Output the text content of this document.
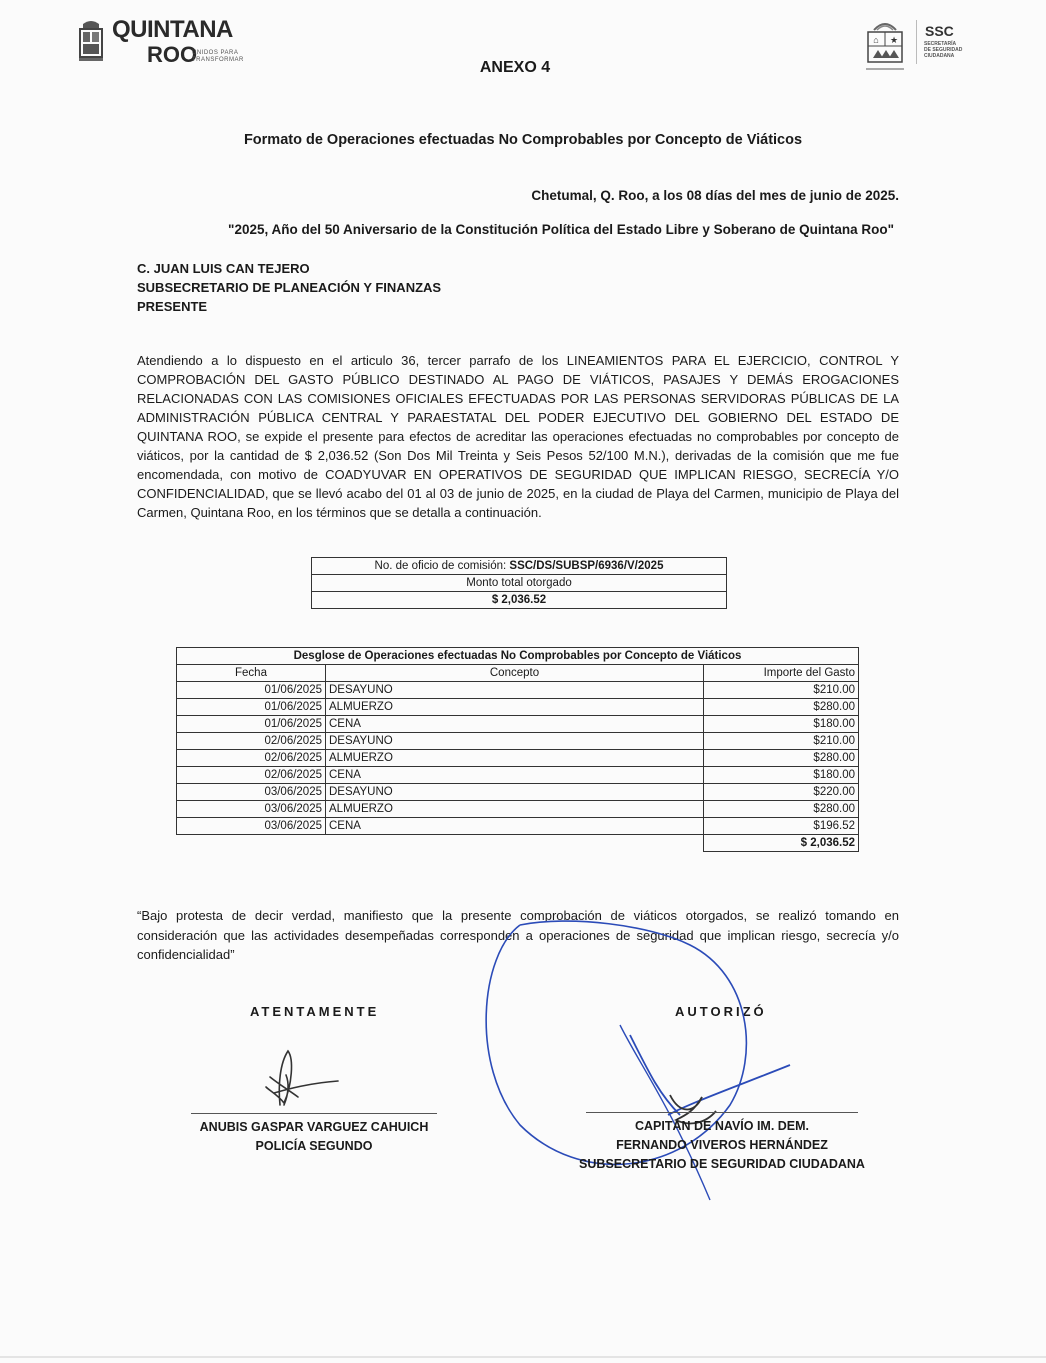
QUINTANA
ROO
UNIDOS PARA
TRANSFORMAR
⌂ ★
SSC
SECRETARÍA
DE SEGURIDAD
CIUDADANA
ANEXO 4
Formato de Operaciones efectuadas No Comprobables por Concepto de Viáticos
Chetumal, Q. Roo, a los 08 días del mes de junio de 2025.
"2025, Año del 50 Aniversario de la Constitución Política del Estado Libre y Soberano de Quintana Roo"
C. JUAN LUIS CAN TEJERO
SUBSECRETARIO DE PLANEACIÓN Y FINANZAS
PRESENTE
Atendiendo a lo dispuesto en el articulo 36, tercer parrafo de los LINEAMIENTOS PARA EL EJERCICIO, CONTROL Y COMPROBACIÓN DEL GASTO PÚBLICO DESTINADO AL PAGO DE VIÁTICOS, PASAJES Y DEMÁS EROGACIONES RELACIONADAS CON LAS COMISIONES OFICIALES EFECTUADAS POR LAS PERSONAS SERVIDORAS PÚBLICAS DE LA ADMINISTRACIÓN PÚBLICA CENTRAL Y PARAESTATAL DEL PODER EJECUTIVO DEL GOBIERNO DEL ESTADO DE QUINTANA ROO, se expide el presente para efectos de acreditar las operaciones efectuadas no comprobables por concepto de viáticos, por la cantidad de $ 2,036.52 (Son Dos Mil Treinta y Seis Pesos 52/100 M.N.), derivadas de la comisión que me fue encomendada, con motivo de COADYUVAR EN OPERATIVOS DE SEGURIDAD QUE IMPLICAN RIESGO, SECRECÍA Y/O CONFIDENCIALIDAD, que se llevó acabo del 01 al 03 de junio de 2025, en la ciudad de Playa del Carmen, municipio de Playa del Carmen, Quintana Roo, en los términos que se detalla a continuación.
No. de oficio de comisión: SSC/DS/SUBSP/6936/V/2025
Monto total otorgado
$ 2,036.52
Desglose de Operaciones efectuadas No Comprobables por Concepto de Viáticos		
Fecha	Concepto	Importe del Gasto
01/06/2025	DESAYUNO	$210.00
01/06/2025	ALMUERZO	$280.00
01/06/2025	CENA	$180.00
02/06/2025	DESAYUNO	$210.00
02/06/2025	ALMUERZO	$280.00
02/06/2025	CENA	$180.00
03/06/2025	DESAYUNO	$220.00
03/06/2025	ALMUERZO	$280.00
03/06/2025	CENA	$196.52
		$ 2,036.52
“Bajo protesta de decir verdad, manifiesto que la presente comprobación de viáticos otorgados, se realizó tomando en consideración que las actividades desempeñadas corresponden a operaciones de seguridad que implican riesgo, secrecía y/o confidencialidad”
ATENTAMENTE	AUTORIZÓ
ANUBIS GASPAR VARGUEZ CAHUICH
POLICÍA SEGUNDO
CAPITÁN DE NAVÍO IM. DEM.
FERNANDO VIVEROS HERNÁNDEZ
SUBSECRETARIO DE SEGURIDAD CIUDADANA
